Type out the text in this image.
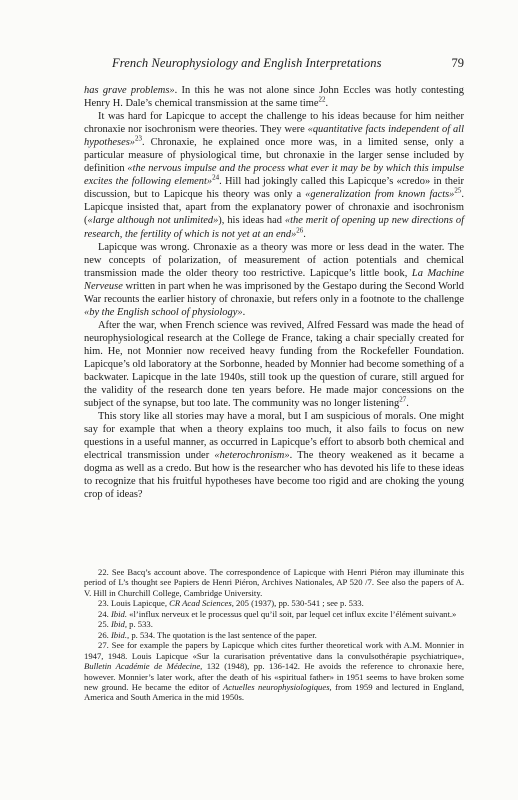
French Neurophysiology and English Interpretations	79

has grave problems». In this he was not alone since John Eccles was hotly contesting Henry H. Dale’s chemical transmission at the same time$^{22}$.

It was hard for Lapicque to accept the challenge to his ideas because for him neither chronaxie nor isochronism were theories. They were «quantitative facts independent of all hypotheses»$^{23}$. Chronaxie, he explained once more was, in a limited sense, only a particular measure of physiological time, but chronaxie in the larger sense included by definition «the nervous impulse and the process what ever it may be by which this impulse excites the following element»$^{24}$. Hill had jokingly called this Lapicque’s «credo» in their discussion, but to Lapicque his theory was only a «generalization from known facts»$^{25}$. Lapicque insisted that, apart from the explanatory power of chronaxie and isochronism («large although not unlimited»), his ideas had «the merit of opening up new directions of research, the fertility of which is not yet at an end»$^{26}$.

Lapicque was wrong. Chronaxie as a theory was more or less dead in the water. The new concepts of polarization, of measurement of action potentials and chemical transmission made the older theory too restrictive. Lapicque’s little book, La Machine Nerveuse written in part when he was imprisoned by the Gestapo during the Second World War recounts the earlier history of chronaxie, but refers only in a footnote to the challenge «by the English school of physiology».

After the war, when French science was revived, Alfred Fessard was made the head of neurophysiological research at the College de France, taking a chair specially created for him. He, not Monnier now received heavy funding from the Rockefeller Foundation. Lapicque’s old laboratory at the Sorbonne, headed by Monnier had become something of a backwater. Lapicque in the late 1940s, still took up the question of curare, still argued for the validity of the research done ten years before. He made major concessions on the subject of the synapse, but too late. The community was no longer listening$^{27}$.

This story like all stories may have a moral, but I am suspicious of morals. One might say for example that when a theory explains too much, it also fails to focus on new questions in a useful manner, as occurred in Lapicque’s effort to absorb both chemical and electrical transmission under «heterochronism». The theory weakened as it became a dogma as well as a credo. But how is the researcher who has devoted his life to these ideas to recognize that his fruitful hypotheses have become too rigid and are choking the young crop of ideas?

22. See Bacq’s account above. The correspondence of Lapicque with Henri Piéron may illuminate this period of L’s thought see Papiers de Henri Piéron, Archives Nationales, AP 520 /7. See also the papers of A. V. Hill in Churchill College, Cambridge University.

23. Louis Lapicque, CR Acad Sciences, 205 (1937), pp. 530-541 ; see p. 533.

24. Ibid. «l’influx nerveux et le processus quel qu’il soit, par lequel cet influx excite l’élément suivant.»

25. Ibid, p. 533.

26. Ibid., p. 534. The quotation is the last sentence of the paper.

27. See for example the papers by Lapicque which cites further theoretical work with A.M. Monnier in 1947, 1948. Louis Lapicque «Sur la curarisation préventative dans la convulsothérapie psychiatrique», Bulletin Académie de Médecine, 132 (1948), pp. 136-142. He avoids the reference to chronaxie here, however. Monnier’s later work, after the death of his «spiritual father» in 1951 seems to have broken some new ground. He became the editor of Actuelles neurophysiologiques, from 1959 and lectured in England, America and South America in the mid 1950s.
